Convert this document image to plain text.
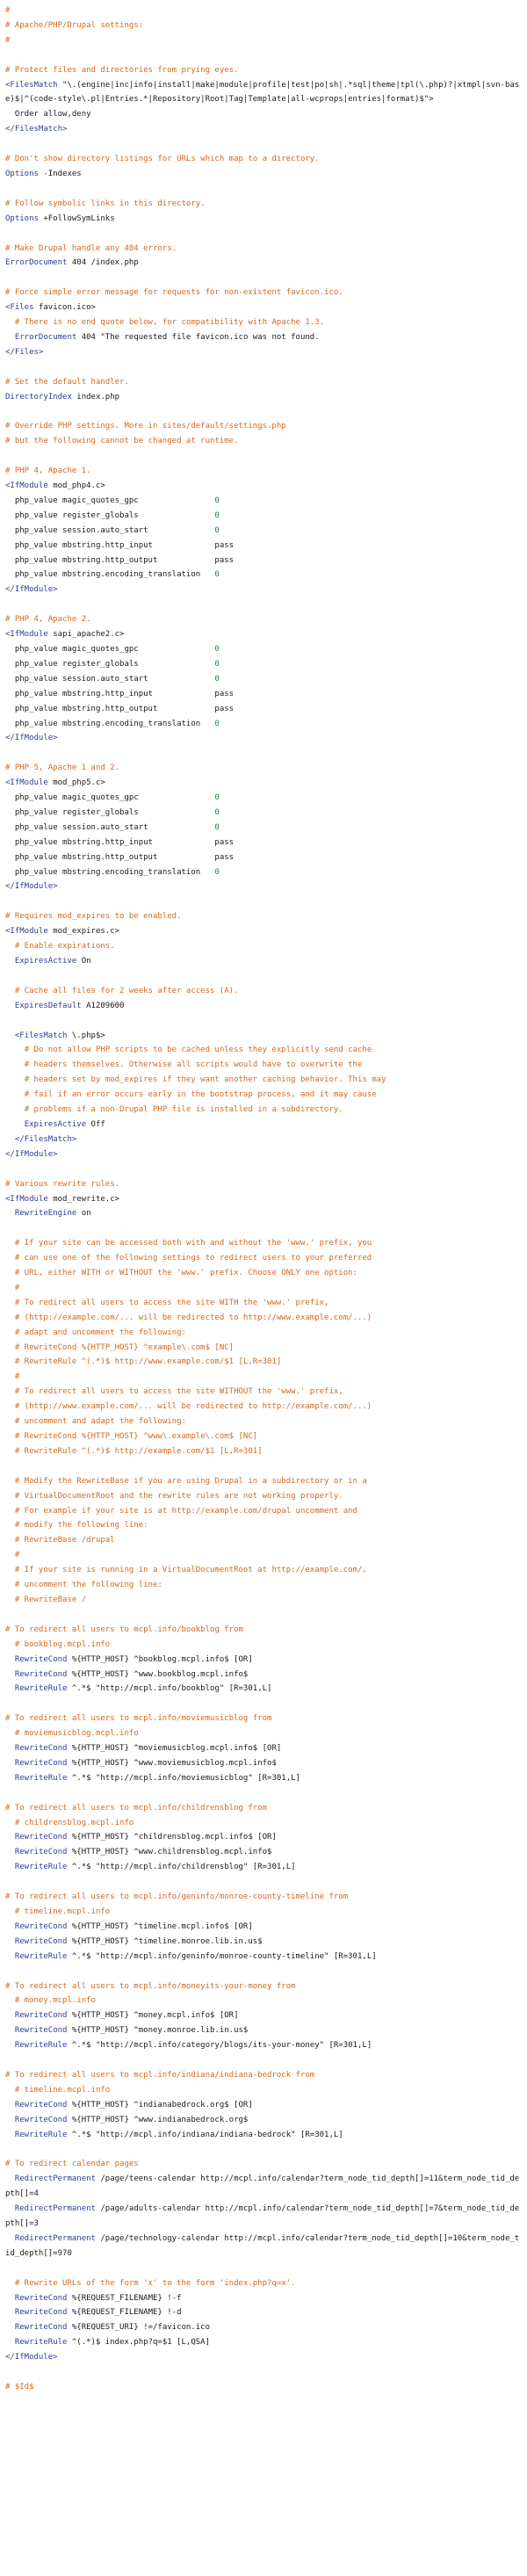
#
# Apache/PHP/Drupal settings:
#

# Protect files and directories from prying eyes.
<FilesMatch "\.(engine|inc|info|install|make|module|profile|test|po|sh|.*sql|theme|tpl(\.php)?|xtmpl|svn-base)$|^(code-style\.pl|Entries.*|Repository|Root|Tag|Template|all-wcprops|entries|format)$">
Order allow,deny
</FilesMatch>

# Don't show directory listings for URLs which map to a directory.
Options -Indexes

# Follow symbolic links in this directory.
Options +FollowSymLinks

# Make Drupal handle any 404 errors.
ErrorDocument 404 /index.php

# Force simple error message for requests for non-existent favicon.ico.
<Files favicon.ico>
# There is no end quote below, for compatibility with Apache 1.3.
ErrorDocument 404 "The requested file favicon.ico was not found.
</Files>

# Set the default handler.
DirectoryIndex index.php

# Override PHP settings. More in sites/default/settings.php
# but the following cannot be changed at runtime.

# PHP 4, Apache 1.
<IfModule mod_php4.c>
php_value magic_quotes_gpc                0
php_value register_globals                0
php_value session.auto_start              0
php_value mbstring.http_input             pass
php_value mbstring.http_output            pass
php_value mbstring.encoding_translation   0
</IfModule>

# PHP 4, Apache 2.
<IfModule sapi_apache2.c>
php_value magic_quotes_gpc                0
php_value register_globals                0
php_value session.auto_start              0
php_value mbstring.http_input             pass
php_value mbstring.http_output            pass
php_value mbstring.encoding_translation   0
</IfModule>

# PHP 5, Apache 1 and 2.
<IfModule mod_php5.c>
php_value magic_quotes_gpc                0
php_value register_globals                0
php_value session.auto_start              0
php_value mbstring.http_input             pass
php_value mbstring.http_output            pass
php_value mbstring.encoding_translation   0
</IfModule>

# Requires mod_expires to be enabled.
<IfModule mod_expires.c>
# Enable expirations.
ExpiresActive On

# Cache all files for 2 weeks after access (A).
ExpiresDefault A1209600

<FilesMatch \.php$>
# Do not allow PHP scripts to be cached unless they explicitly send cache
# headers themselves. Otherwise all scripts would have to overwrite the
# headers set by mod_expires if they want another caching behavior. This may
# fail if an error occurs early in the bootstrap process, and it may cause
# problems if a non-Drupal PHP file is installed in a subdirectory.
ExpiresActive Off
</FilesMatch>
</IfModule>

# Various rewrite rules.
<IfModule mod_rewrite.c>
RewriteEngine on

# If your site can be accessed both with and without the 'www.' prefix, you
# can use one of the following settings to redirect users to your preferred
# URL, either WITH or WITHOUT the 'www.' prefix. Choose ONLY one option:
#
# To redirect all users to access the site WITH the 'www.' prefix,
# (http://example.com/... will be redirected to http://www.example.com/...)
# adapt and uncomment the following:
# RewriteCond %{HTTP_HOST} ^example\.com$ [NC]
# RewriteRule ^(.*)$ http://www.example.com/$1 [L,R=301]
#
# To redirect all users to access the site WITHOUT the 'www.' prefix,
# (http://www.example.com/... will be redirected to http://example.com/...)
# uncomment and adapt the following:
# RewriteCond %{HTTP_HOST} ^www\.example\.com$ [NC]
# RewriteRule ^(.*)$ http://example.com/$1 [L,R=301]

# Modify the RewriteBase if you are using Drupal in a subdirectory or in a
# VirtualDocumentRoot and the rewrite rules are not working properly.
# For example if your site is at http://example.com/drupal uncomment and
# modify the following line:
# RewriteBase /drupal
#
# If your site is running in a VirtualDocumentRoot at http://example.com/,
# uncomment the following line:
# RewriteBase /

# To redirect all users to mcpl.info/bookblog from
# bookblog.mcpl.info
RewriteCond %{HTTP_HOST} ^bookblog.mcpl.info$ [OR]
RewriteCond %{HTTP_HOST} ^www.bookblog.mcpl.info$
RewriteRule ^.*$ "http://mcpl.info/bookblog" [R=301,L]

# To redirect all users to mcpl.info/moviemusicblog from
# moviemusicblog.mcpl.info
RewriteCond %{HTTP_HOST} ^moviemusicblog.mcpl.info$ [OR]
RewriteCond %{HTTP_HOST} ^www.moviemusicblog.mcpl.info$
RewriteRule ^.*$ "http://mcpl.info/moviemusicblog" [R=301,L]

# To redirect all users to mcpl.info/childrensblog from
# childrensblog.mcpl.info
RewriteCond %{HTTP_HOST} ^childrensblog.mcpl.info$ [OR]
RewriteCond %{HTTP_HOST} ^www.childrensblog.mcpl.info$
RewriteRule ^.*$ "http://mcpl.info/childrensblog" [R=301,L]

# To redirect all users to mcpl.info/geninfo/monroe-county-timeline from
# timeline.mcpl.info
RewriteCond %{HTTP_HOST} ^timeline.mcpl.info$ [OR]
RewriteCond %{HTTP_HOST} ^timeline.monroe.lib.in.us$
RewriteRule ^.*$ "http://mcpl.info/geninfo/monroe-county-timeline" [R=301,L]

# To redirect all users to mcpl.info/moneyits-your-money from
# money.mcpl.info
RewriteCond %{HTTP_HOST} ^money.mcpl.info$ [OR]
RewriteCond %{HTTP_HOST} ^money.monroe.lib.in.us$
RewriteRule ^.*$ "http://mcpl.info/category/blogs/its-your-money" [R=301,L]

# To redirect all users to mcpl.info/indiana/indiana-bedrock from
# timeline.mcpl.info
RewriteCond %{HTTP_HOST} ^indianabedrock.org$ [OR]
RewriteCond %{HTTP_HOST} ^www.indianabedrock.org$
RewriteRule ^.*$ "http://mcpl.info/indiana/indiana-bedrock" [R=301,L]

# To redirect calendar pages
RedirectPermanent /page/teens-calendar http://mcpl.info/calendar?term_node_tid_depth[]=11&term_node_tid_depth[]=4
RedirectPermanent /page/adults-calendar http://mcpl.info/calendar?term_node_tid_depth[]=7&term_node_tid_depth[]=3
RedirectPermanent /page/technology-calendar http://mcpl.info/calendar?term_node_tid_depth[]=10&term_node_tid_depth[]=970

# Rewrite URLs of the form 'x' to the form 'index.php?q=x'.
RewriteCond %{REQUEST_FILENAME} !-f
RewriteCond %{REQUEST_FILENAME} !-d
RewriteCond %{REQUEST_URI} !=/favicon.ico
RewriteRule ^(.*)$ index.php?q=$1 [L,QSA]
</IfModule>

# $Id$
